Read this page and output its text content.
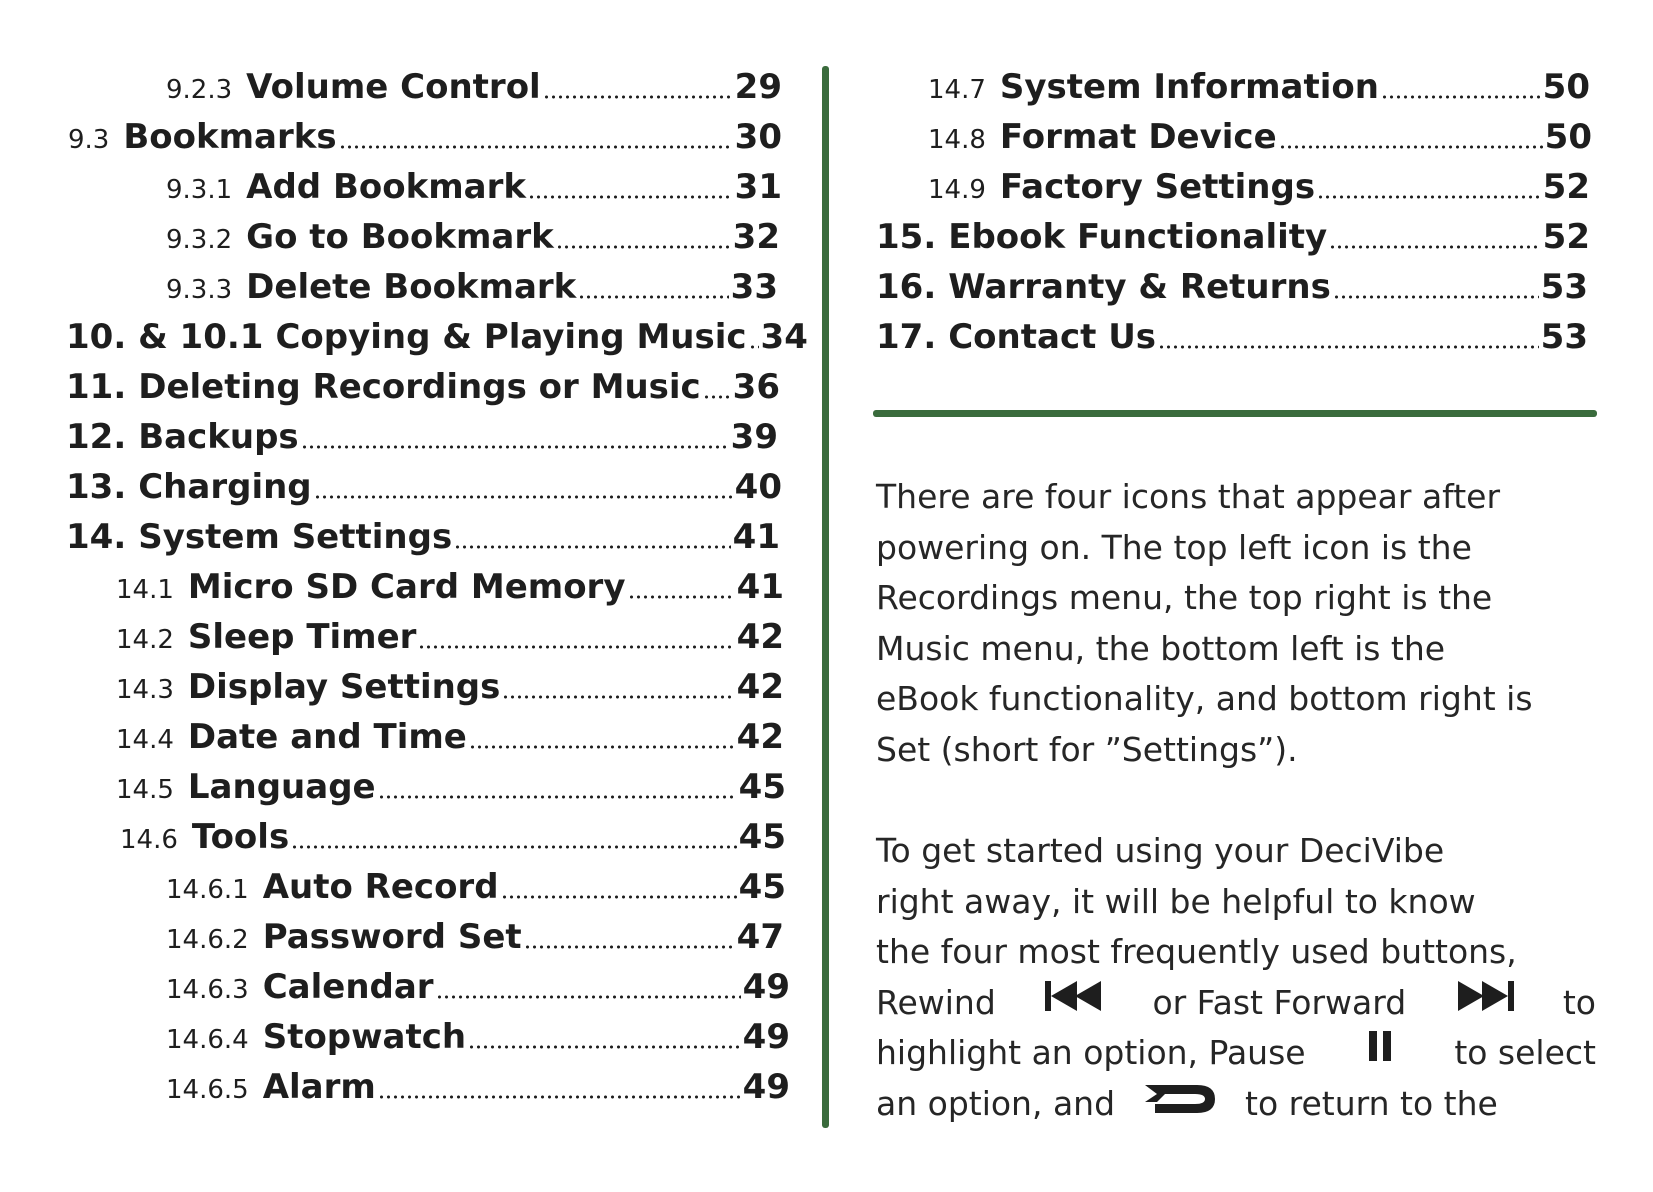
9.2.3 Volume Control	29
9.3 Bookmarks	30
9.3.1 Add Bookmark	31
9.3.2 Go to Bookmark	32
9.3.3 Delete Bookmark	33
10. & 10.1 Copying & Playing Music 34
11. Deleting Recordings or Music 36
12. Backups	39
13. Charging	40
14. System Settings	41
14.1 Micro SD Card Memory	41
14.2 Sleep Timer	42
14.3 Display Settings	42
14.4 Date and Time	42
14.5 Language	45
14.6 Tools	45
14.6.1 Auto Record	45
14.6.2 Password Set	47
14.6.3 Calendar	49
14.6.4 Stopwatch	49
14.6.5 Alarm	49
14.7 System Information	50
14.8 Format Device	50
14.9 Factory Settings	52
15. Ebook Functionality	52
16. Warranty & Returns	53
17. Contact Us	53

There are four icons that appear after
powering on. The top left icon is the
Recordings menu, the top right is the
Music menu, the bottom left is the
eBook functionality, and bottom right is
Set (short for ”Settings”).

To get started using your DeciVibe
right away, it will be helpful to know
the four most frequently used buttons,
Rewind	or Fast Forward	to
highlight an option, Pause	to select
an option, and	to return to the
